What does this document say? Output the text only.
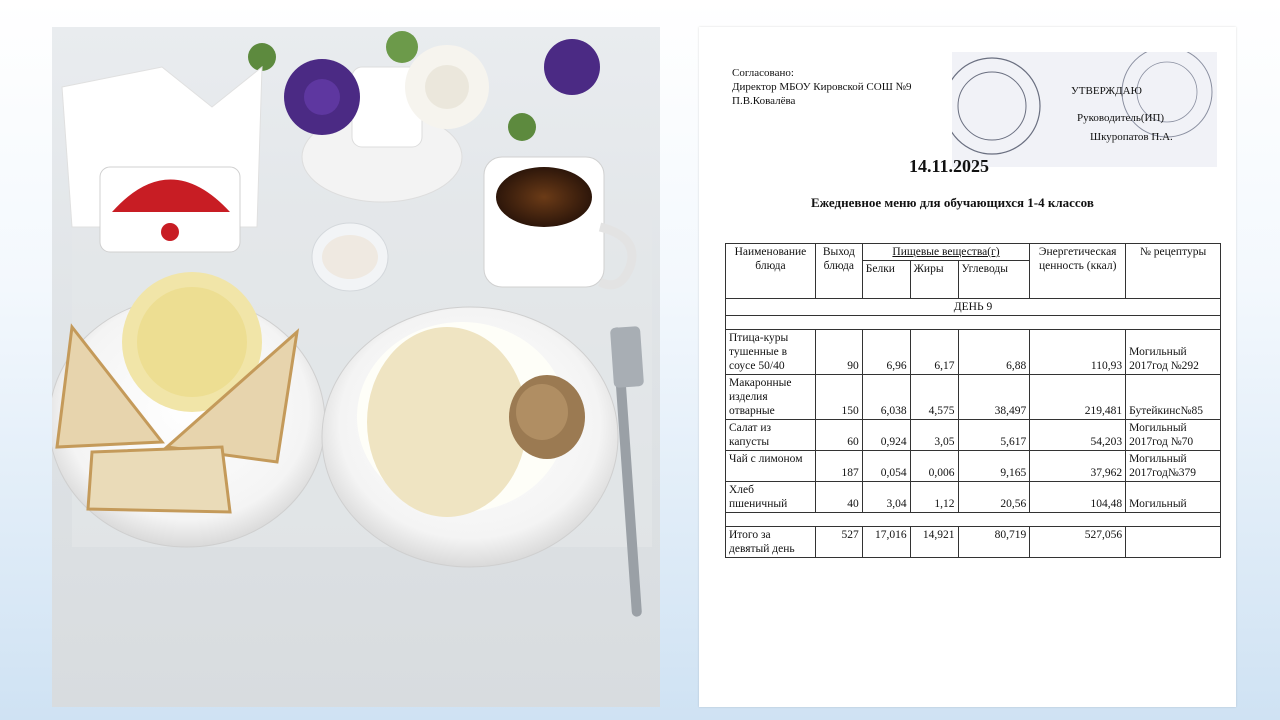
Согласовано:
Директор МБОУ Кировской СОШ №9
П.В.Ковалёва
УТВЕРЖДАЮ
Руководитель(ИП)
Шкуропатов П.А.
14.11.2025
Ежедневное меню для обучающихся 1-4 классов
Наименование блюда	Выход блюда	Пищевые вещества(г)			Энергетическая ценность (ккал)	№ рецептуры
		Белки	Жиры	Углеводы		
ДЕНЬ 9						

Птица-куры тушенные в соусе 50/40	90	6,96	6,17	6,88	110,93	Могильный 2017год №292
Макаронные изделия отварные	150	6,038	4,575	38,497	219,481	Бутейкинс№85
Салат из капусты	60	0,924	3,05	5,617	54,203	Могильный 2017год №70
Чай с лимоном	187	0,054	0,006	9,165	37,962	Могильный 2017год№379
Хлеб пшеничный	40	3,04	1,12	20,56	104,48	Могильный

Итого за девятый день	527	17,016	14,921	80,719	527,056	
